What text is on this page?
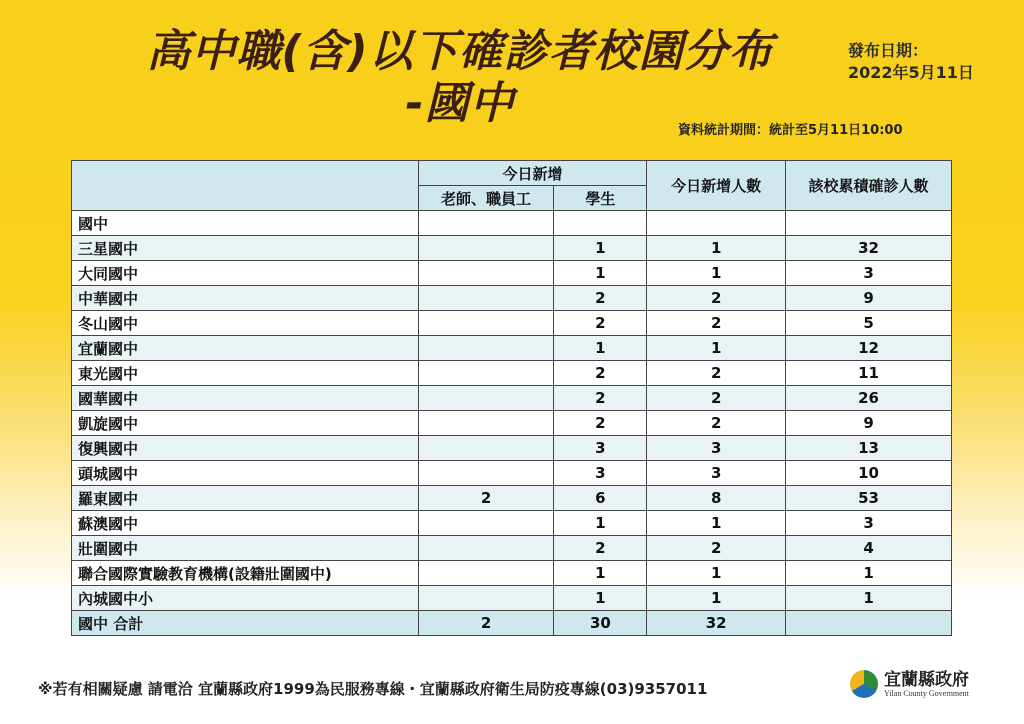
高中職(含)以下確診者校園分布
-國中
發布日期：
2022年5月11日
資料統計期間：統計至5月11日10:00
	今日新增		今日新增人數	該校累積確診人數
	老師、職員工	學生		
國中				
三星國中		1	1	32
大同國中		1	1	3
中華國中		2	2	9
冬山國中		2	2	5
宜蘭國中		1	1	12
東光國中		2	2	11
國華國中		2	2	26
凱旋國中		2	2	9
復興國中		3	3	13
頭城國中		3	3	10
羅東國中	2	6	8	53
蘇澳國中		1	1	3
壯圍國中		2	2	4
聯合國際實驗教育機構(設籍壯圍國中)		1	1	1
內城國中小		1	1	1
國中 合計	2	30	32	
※若有相關疑慮 請電洽 宜蘭縣政府1999為民服務專線・宜蘭縣政府衛生局防疫專線(03)9357011	宜蘭縣政府
Yilan County Government
